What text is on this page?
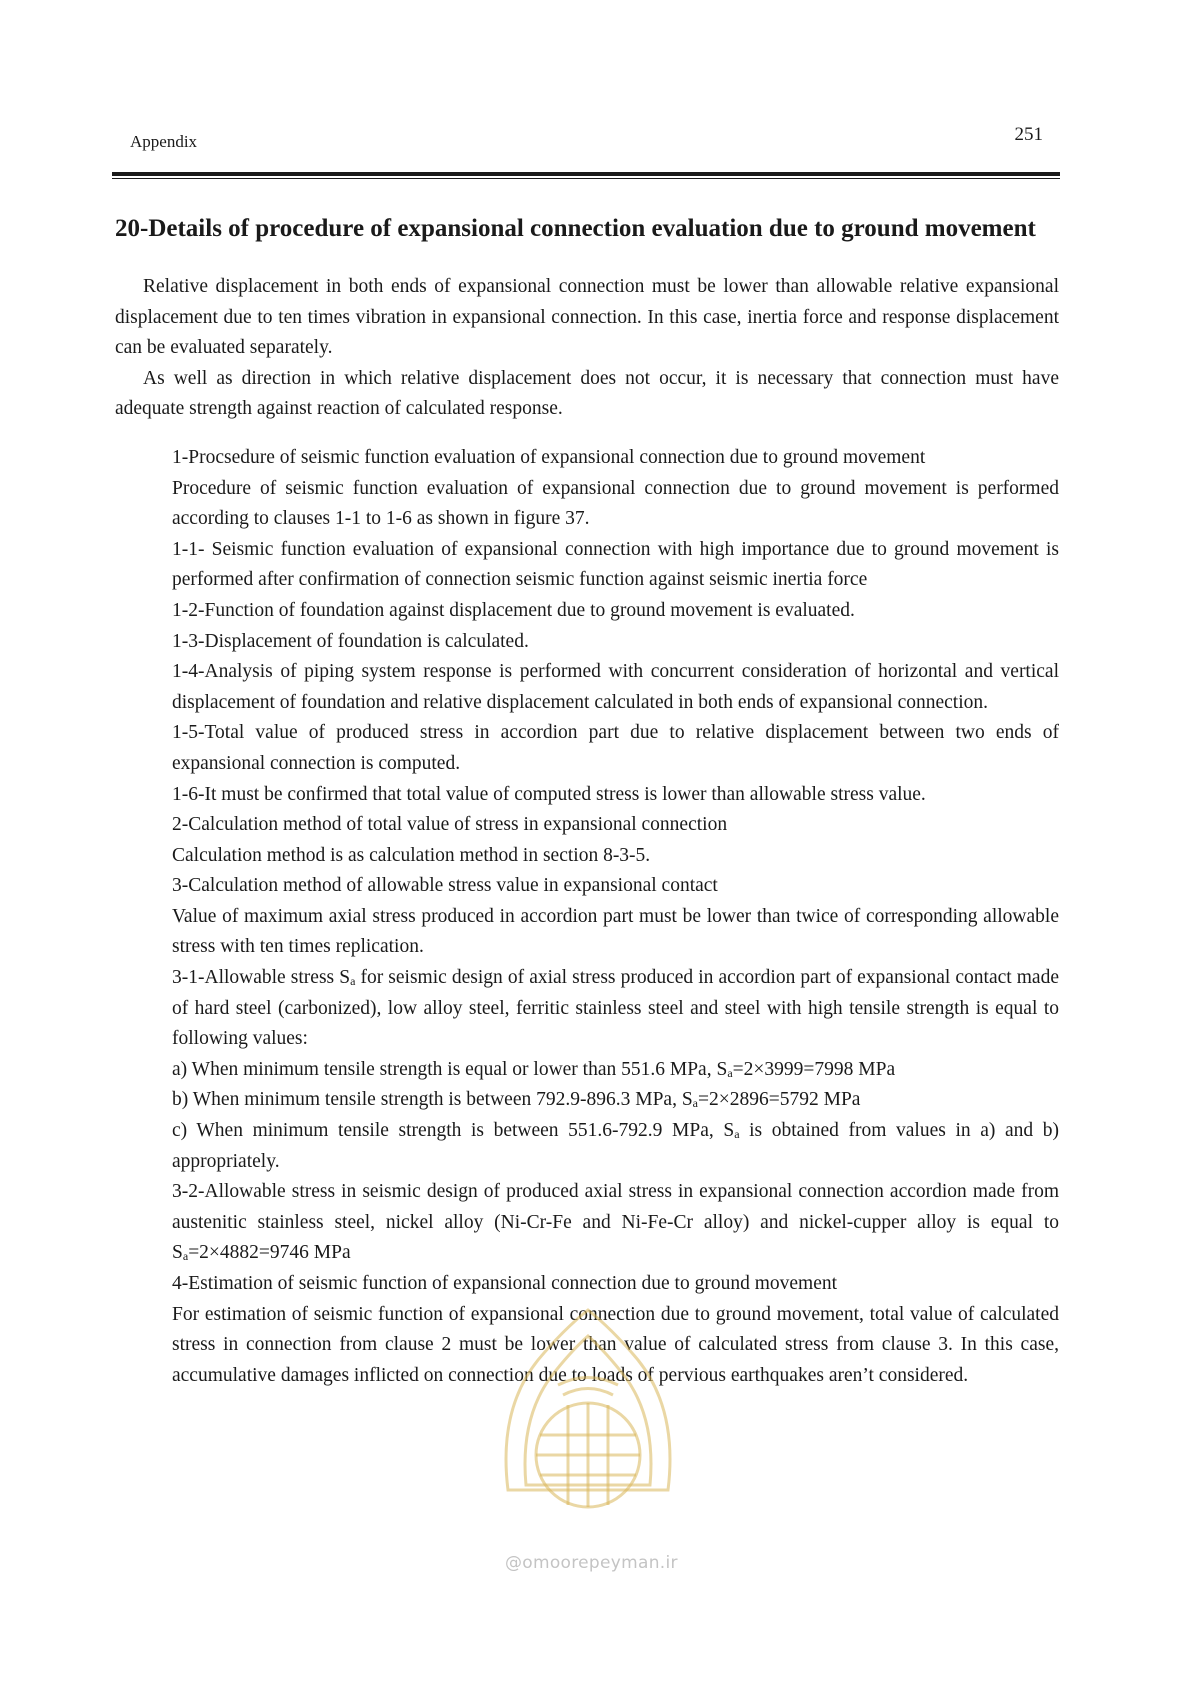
Appendix	251
20-Details of procedure of expansional connection evaluation due to ground movement

Relative displacement in both ends of expansional connection must be lower than allowable relative expansional displacement due to ten times vibration in expansional connection. In this case, inertia force and response displacement can be evaluated separately.

As well as direction in which relative displacement does not occur, it is necessary that connection must have adequate strength against reaction of calculated response.

1-Procsedure of seismic function evaluation of expansional connection due to ground movement

Procedure of seismic function evaluation of expansional connection due to ground movement is performed according to clauses 1-1 to 1-6 as shown in figure 37.

1-1- Seismic function evaluation of expansional connection with high importance due to ground movement is performed after confirmation of connection seismic function against seismic inertia force

1-2-Function of foundation against displacement due to ground movement is evaluated.

1-3-Displacement of foundation is calculated.

1-4-Analysis of piping system response is performed with concurrent consideration of horizontal and vertical displacement of foundation and relative displacement calculated in both ends of expansional connection.

1-5-Total value of produced stress in accordion part due to relative displacement between two ends of expansional connection is computed.

1-6-It must be confirmed that total value of computed stress is lower than allowable stress value.

2-Calculation method of total value of stress in expansional connection

Calculation method is as calculation method in section 8-3-5.

3-Calculation method of allowable stress value in expansional contact

Value of maximum axial stress produced in accordion part must be lower than twice of corresponding allowable stress with ten times replication.

3-1-Allowable stress $S_a$ for seismic design of axial stress produced in accordion part of expansional contact made of hard steel (carbonized), low alloy steel, ferritic stainless steel and steel with high tensile strength is equal to following values:

a) When minimum tensile strength is equal or lower than 551.6 MPa, $S_a=2\times 3999=7998$ MPa

b) When minimum tensile strength is between 792.9-896.3 MPa, $S_a=2\times 2896=5792$ MPa

c) When minimum tensile strength is between 551.6-792.9 MPa, $S_a$ is obtained from values in a) and b) appropriately.

3-2-Allowable stress in seismic design of produced axial stress in expansional connection accordion made from austenitic stainless steel, nickel alloy (Ni-Cr-Fe and Ni-Fe-Cr alloy) and nickel-cupper alloy is equal to $S_a=2\times 4882=9746$ MPa

4-Estimation of seismic function of expansional connection due to ground movement

For estimation of seismic function of expansional connection due to ground movement, total value of calculated stress in connection from clause 2 must be lower than value of calculated stress from clause 3. In this case, accumulative damages inflicted on connection due to loads of pervious earthquakes aren’t considered.

@omoorepeyman.ir
